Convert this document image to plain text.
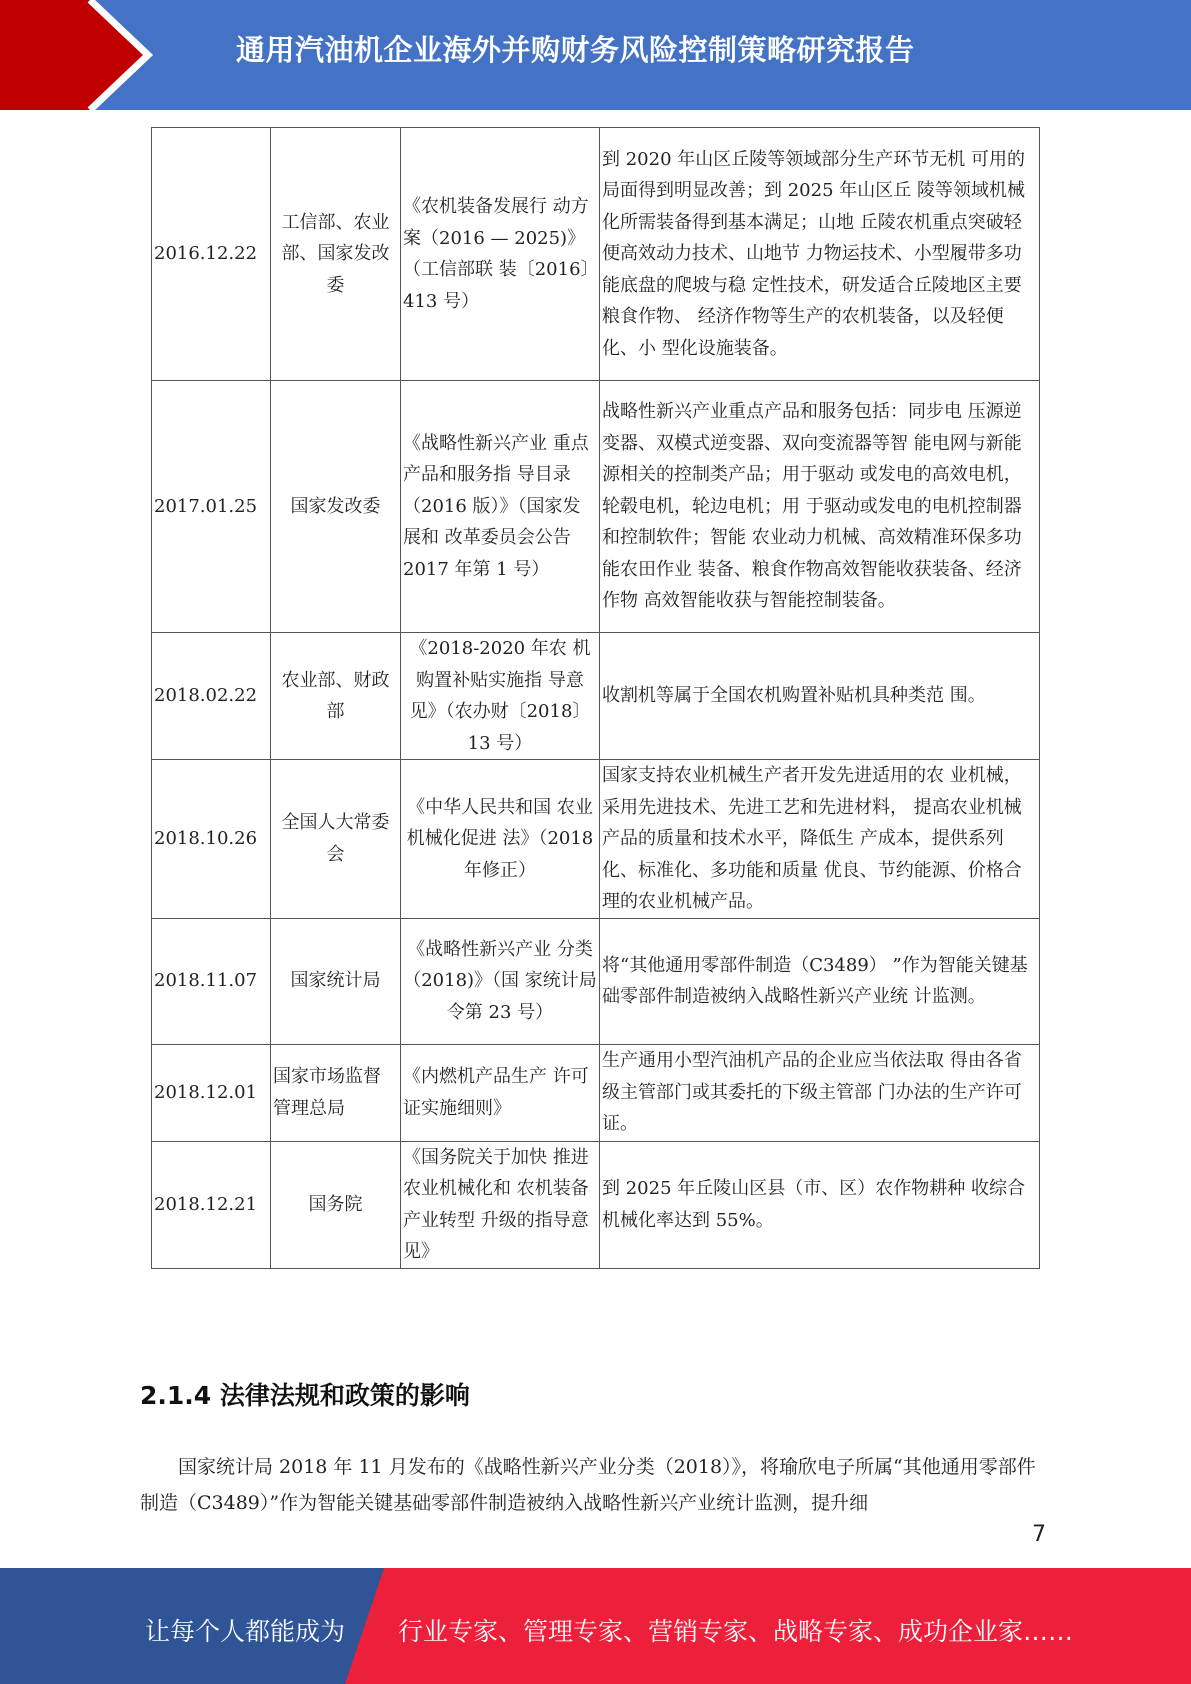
通用汽油机企业海外并购财务风险控制策略研究报告
2016.12.22	工信部、农业部、国家发改委	《农机装备发展行 动方案（2016 — 2025)》（工信部联 装〔2016〕413 号）	到 2020 年山区丘陵等领域部分生产环节无机 可用的局面得到明显改善；到 2025 年山区丘 陵等领域机械化所需装备得到基本满足；山地 丘陵农机重点突破轻便高效动力技术、山地节 力物运技术、小型履带多功能底盘的爬坡与稳 定性技术，研发适合丘陵地区主要粮食作物、 经济作物等生产的农机装备，以及轻便化、小 型化设施装备。
2017.01.25	国家发改委	《战略性新兴产业 重点产品和服务指 导目录（2016 版）》（国家发展和 改革委员会公告 2017 年第 1 号）	战略性新兴产业重点产品和服务包括：同步电 压源逆变器、双模式逆变器、双向变流器等智 能电网与新能源相关的控制类产品；用于驱动 或发电的高效电机，轮毂电机，轮边电机；用 于驱动或发电的电机控制器和控制软件；智能 农业动力机械、高效精准环保多功能农田作业 装备、粮食作物高效智能收获装备、经济作物 高效智能收获与智能控制装备。
2018.02.22	农业部、财政部	《2018-2020 年农 机购置补贴实施指 导意见》（农办财〔2018〕 13 号）	收割机等属于全国农机购置补贴机具种类范 围。
2018.10.26	全国人大常委会	《中华人民共和国 农业机械化促进 法》（2018 年修正）	国家支持农业机械生产者开发先进适用的农 业机械，采用先进技术、先进工艺和先进材料， 提高农业机械产品的质量和技术水平，降低生 产成本，提供系列化、标准化、多功能和质量 优良、节约能源、价格合理的农业机械产品。
2018.11.07	国家统计局	《战略性新兴产业 分类（2018)》（国 家统计局令第 23 号）	将“其他通用零部件制造（C3489） ”作为智能关键基础零部件制造被纳入战略性新兴产业统 计监测。
2018.12.01	国家市场监督管理总局	《内燃机产品生产 许可证实施细则》	生产通用小型汽油机产品的企业应当依法取 得由各省级主管部门或其委托的下级主管部 门办法的生产许可证。
2018.12.21	国务院	《国务院关于加快 推进农业机械化和 农机装备产业转型 升级的指导意见》	到 2025 年丘陵山区县（市、区）农作物耕种 收综合机械化率达到 55%。
2.1.4 法律法规和政策的影响
国家统计局 2018 年 11 月发布的《战略性新兴产业分类（2018）》，将瑜欣电子所属“其他通用零部件制造（C3489）”作为智能关键基础零部件制造被纳入战略性新兴产业统计监测，提升细
7
让每个人都能成为 行业专家、管理专家、营销专家、战略专家、成功企业家……
